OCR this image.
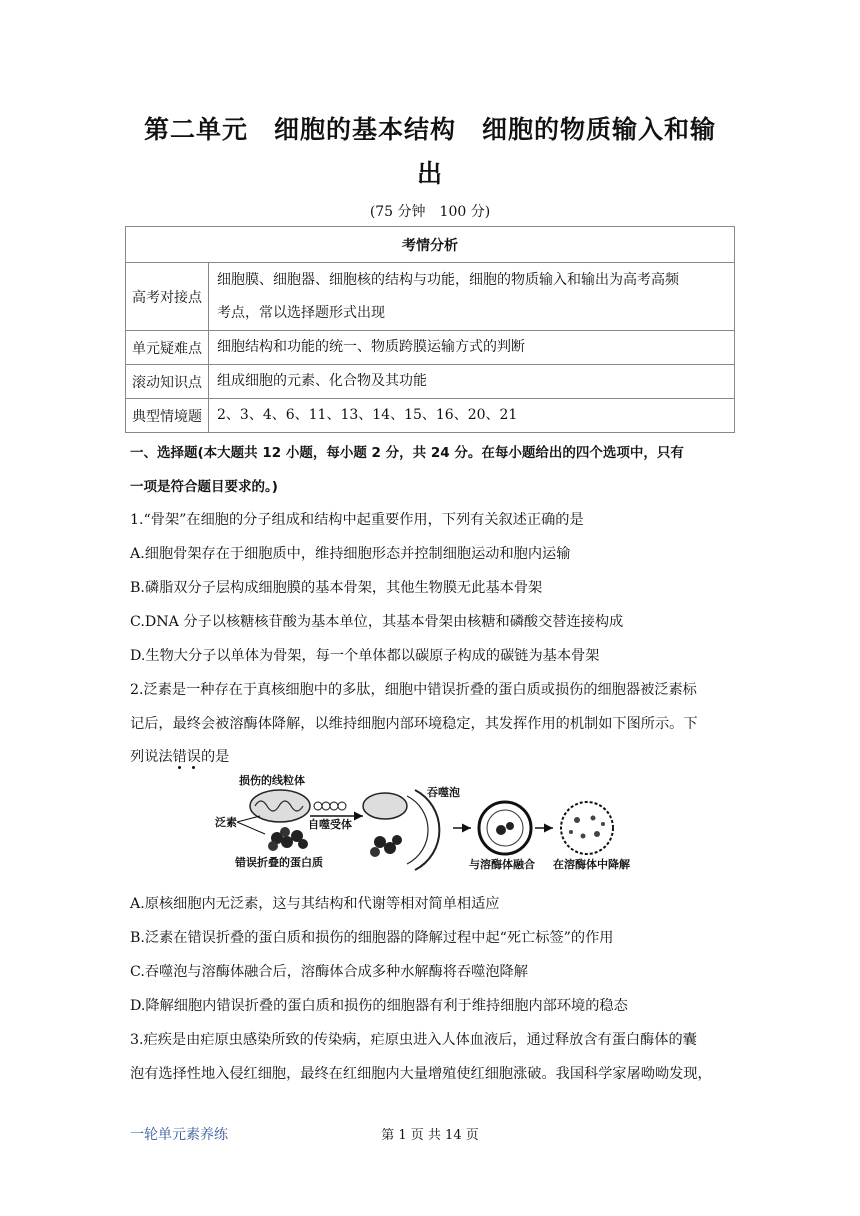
第二单元　细胞的基本结构　细胞的物质输入和输
出
(75 分钟　100 分)
考情分析	
高考对接点	细胞膜、细胞器、细胞核的结构与功能，细胞的物质输入和输出为高考高频
考点，常以选择题形式出现

单元疑难点	细胞结构和功能的统一、物质跨膜运输方式的判断
滚动知识点	组成细胞的元素、化合物及其功能
典型情境题	2、3、4、6、11、13、14、15、16、20、21
一、选择题(本大题共 12 小题，每小题 2 分，共 24 分。在每小题给出的四个选项中，只有
一项是符合题目要求的。)
1.“骨架”在细胞的分子组成和结构中起重要作用，下列有关叙述正确的是
A.细胞骨架存在于细胞质中，维持细胞形态并控制细胞运动和胞内运输
B.磷脂双分子层构成细胞膜的基本骨架，其他生物膜无此基本骨架
C.DNA 分子以核糖核苷酸为基本单位，其基本骨架由核糖和磷酸交替连接构成
D.生物大分子以单体为骨架，每一个单体都以碳原子构成的碳链为基本骨架
2.泛素是一种存在于真核细胞中的多肽，细胞中错误折叠的蛋白质或损伤的细胞器被泛素标
记后，最终会被溶酶体降解，以维持细胞内部环境稳定，其发挥作用的机制如下图所示。下
列说法错误的是
损伤的线粒体
泛素
错误折叠的蛋白质
自噬受体
吞噬泡
与溶酶体融合 在溶酶体中降解
A.原核细胞内无泛素，这与其结构和代谢等相对简单相适应
B.泛素在错误折叠的蛋白质和损伤的细胞器的降解过程中起“死亡标签”的作用
C.吞噬泡与溶酶体融合后，溶酶体合成多种水解酶将吞噬泡降解
D.降解细胞内错误折叠的蛋白质和损伤的细胞器有利于维持细胞内部环境的稳态
3.疟疾是由疟原虫感染所致的传染病，疟原虫进入人体血液后，通过释放含有蛋白酶体的囊
泡有选择性地入侵红细胞，最终在红细胞内大量增殖使红细胞涨破。我国科学家屠呦呦发现，
一轮单元素养练	第 1 页 共 14 页
